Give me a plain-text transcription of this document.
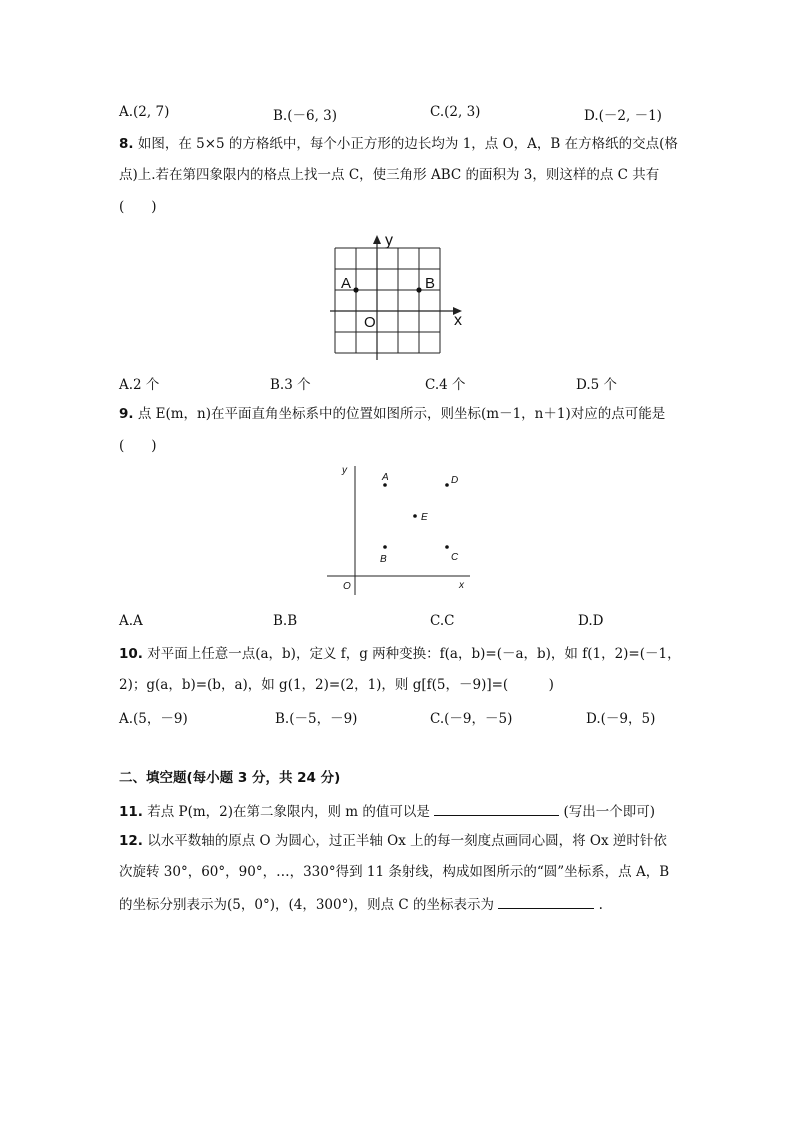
A.(2, 7)	B.(－6, 3)	C.(2, 3)	D.(－2, －1)
8. 如图，在 5×5 的方格纸中，每个小正方形的边长均为 1，点 O，A，B 在方格纸的交点(格
点)上.若在第四象限内的格点上找一点 C，使三角形 ABC 的面积为 3，则这样的点 C 共有
(　　)
y
x
A	B
O
A.2 个	B.3 个	C.4 个	D.5 个
9. 点 E(m，n)在平面直角坐标系中的位置如图所示，则坐标(m－1，n＋1)对应的点可能是
(　　)
y
x
O
A	D
E
B	C
A.A	B.B	C.C	D.D
10. 对平面上任意一点(a，b)，定义 f，g 两种变换：f(a，b)=(－a，b)，如 f(1，2)=(－1，
2)；g(a，b)=(b，a)，如 g(1，2)=(2，1)，则 g[f(5，－9)]=(　　　)
A.(5，－9)	B.(－5，－9)	C.(－9，－5)	D.(－9，5)
二、填空题(每小题 3 分，共 24 分)
11. 若点 P(m，2)在第二象限内，则 m 的值可以是	(写出一个即可)
12. 以水平数轴的原点 O 为圆心，过正半轴 Ox 上的每一刻度点画同心圆，将 Ox 逆时针依
次旋转 30°，60°，90°，…，330°得到 11 条射线，构成如图所示的“圆”坐标系，点 A，B
的坐标分别表示为(5，0°)，(4，300°)，则点 C 的坐标表示为	.
